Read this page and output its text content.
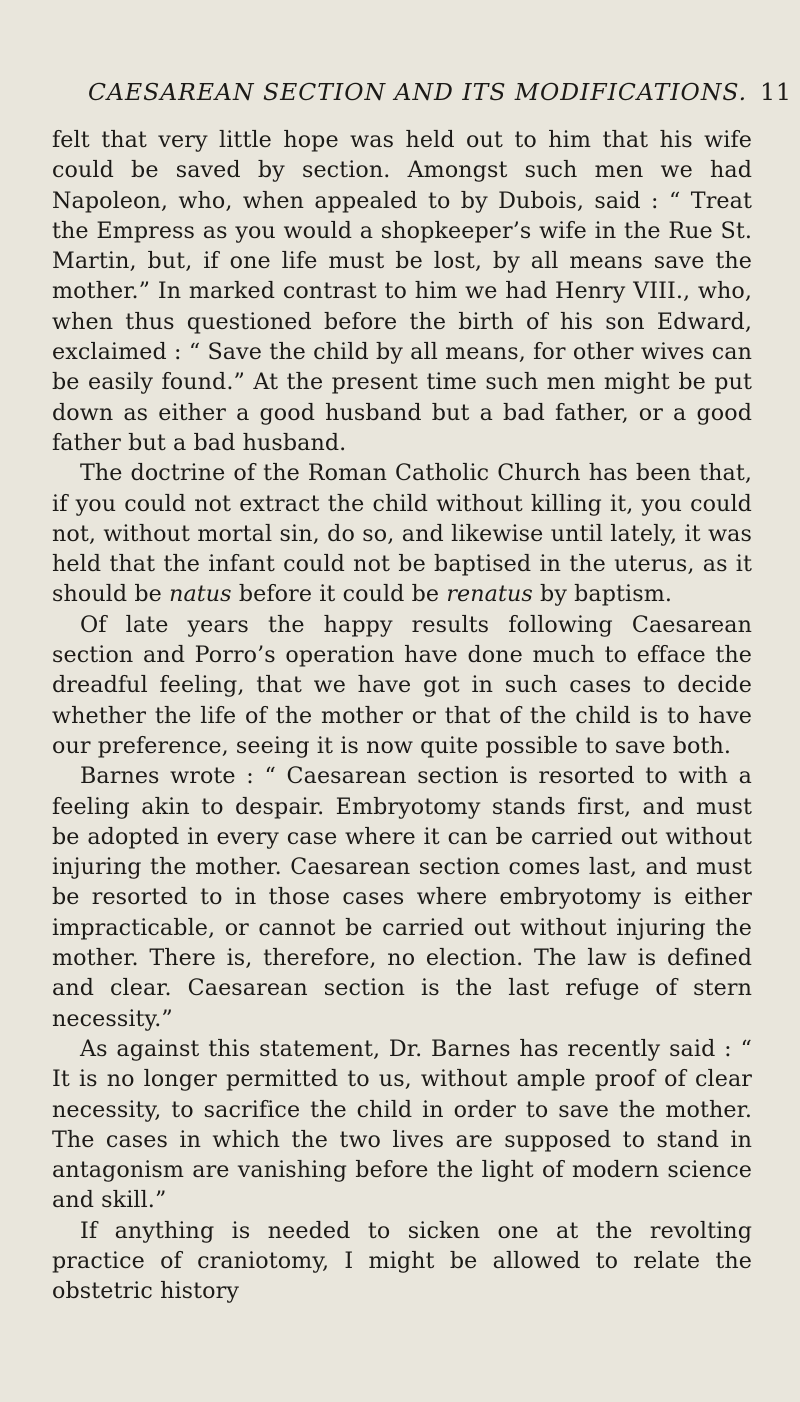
CAESAREAN SECTION AND ITS MODIFICATIONS. 11

felt that very little hope was held out to him that his wife could be saved by section. Amongst such men we had Napoleon, who, when appealed to by Dubois, said : “ Treat the Empress as you would a shopkeeper’s wife in the Rue St. Martin, but, if one life must be lost, by all means save the mother.” In marked contrast to him we had Henry VIII., who, when thus questioned before the birth of his son Edward, exclaimed : “ Save the child by all means, for other wives can be easily found.” At the present time such men might be put down as either a good husband but a bad father, or a good father but a bad husband.

The doctrine of the Roman Catholic Church has been that, if you could not extract the child without killing it, you could not, without mortal sin, do so, and likewise until lately, it was held that the infant could not be baptised in the uterus, as it should be natus before it could be renatus by baptism.

Of late years the happy results following Caesarean section and Porro’s operation have done much to efface the dreadful feeling, that we have got in such cases to decide whether the life of the mother or that of the child is to have our preference, seeing it is now quite possible to save both.

Barnes wrote : “ Caesarean section is resorted to with a feeling akin to despair. Embryotomy stands first, and must be adopted in every case where it can be carried out without injuring the mother. Caesarean section comes last, and must be resorted to in those cases where embryotomy is either impracticable, or cannot be carried out without injuring the mother. There is, therefore, no election. The law is defined and clear. Caesarean section is the last refuge of stern necessity.”

As against this statement, Dr. Barnes has recently said : “ It is no longer permitted to us, without ample proof of clear necessity, to sacrifice the child in order to save the mother. The cases in which the two lives are supposed to stand in antagonism are vanishing before the light of modern science and skill.”

If anything is needed to sicken one at the revolting practice of craniotomy, I might be allowed to relate the obstetric history
